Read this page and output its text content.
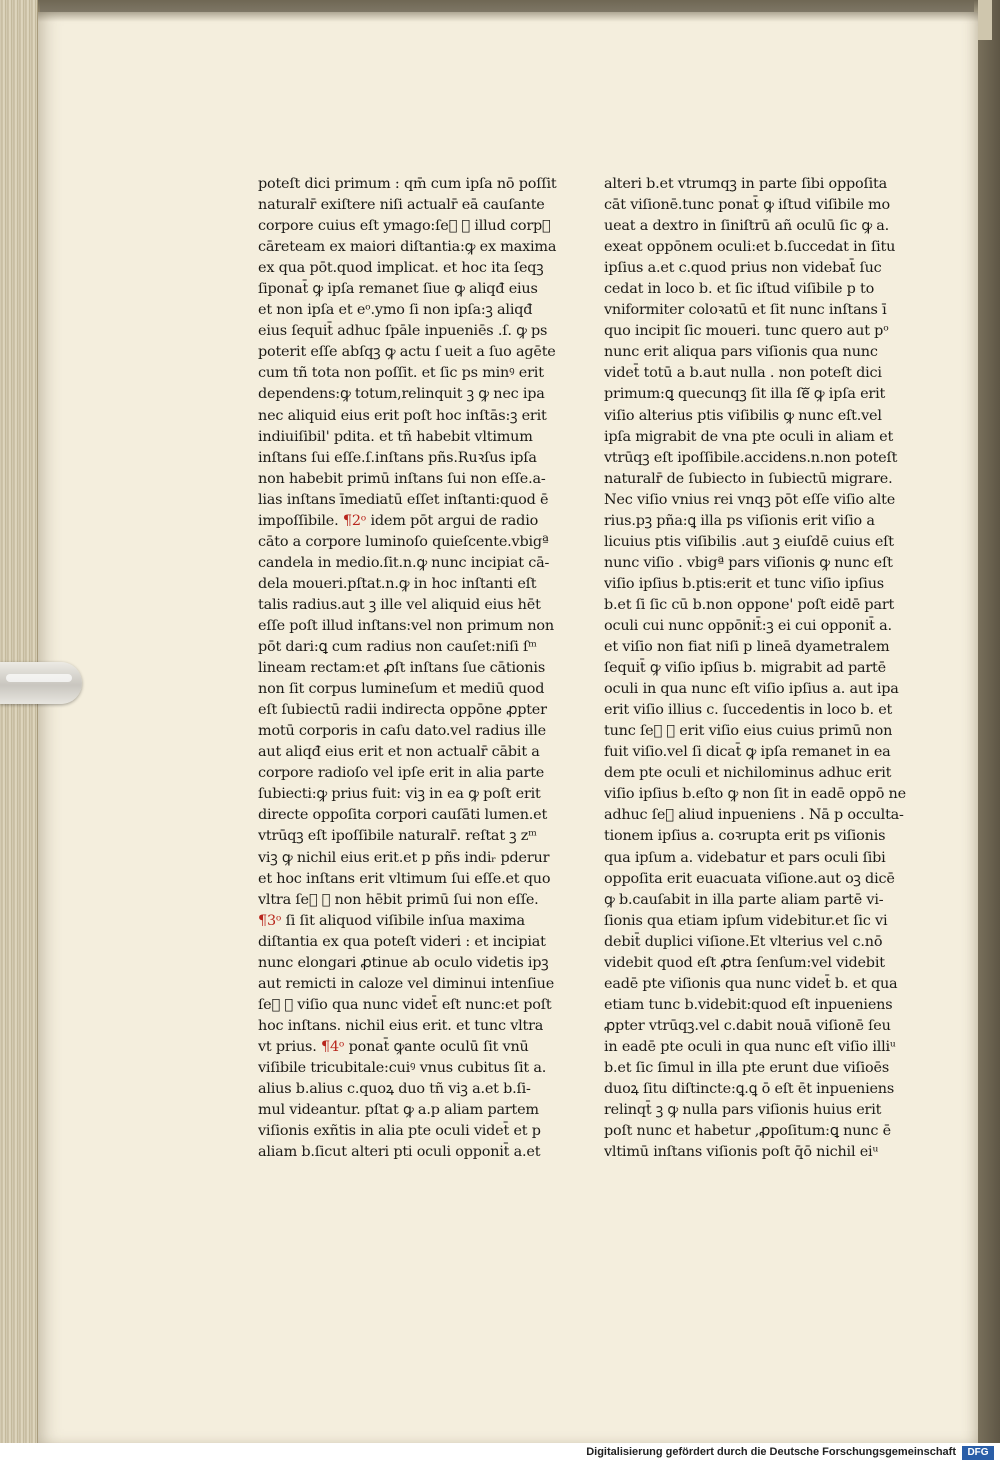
poteſt dici primum : qm̄ cum ipſa nō poſſit
naturalr̄ exiſtere niſi actualr̄ eā cauſante
corpore cuius eſt ymago:ſeᷓ ꝙ illud corpꝰ
cāreteam ex maiori diſtantia:ꝙ ex maxima
ex qua pōt.quod implicat. et hoc ita ſeqꝫ
ſiponat̄ ꝙ ipſa remanet ſiue ꝙ aliqđ eius
et non ipſa et eᵒ.ymo ſi non ipſa:ꝫ aliqđ
eius ſequit̄ adhuc ſpāle inpueniēs .ſ. ꝙ ps
poterit eſſe abſqꝫ ꝙ actu ſ ueit a ſuo agēte
cum tñ tota non poſſit. et ſic ps minꝰ erit
dependens:ꝙ totum,relinquit ꝫ ꝙ nec ipa
nec aliquid eius erit poſt hoc inſtās:ꝫ erit
indiuiſibil' pdita. et tñ habebit vltimum
inſtans ſui eſſe.ſ.inſtans pñs.Ruꝛſus ipſa
non habebit primū inſtans ſui non eſſe.a-
lias inſtans īmediatū eſſet inſtanti:quod ē
impoſſibile. ¶2ᵒ idem pōt argui de radio
cāto a corpore luminoſo quieſcente.vbigª
candela in medio.ſit.n.ꝙ nunc incipiat cā-
dela moueri.pſtat.n.ꝙ in hoc inſtanti eſt
talis radius.aut ꝫ ille vel aliquid eius hēt
eſſe poſt illud inſtans:vel non primum non
pōt dari:ꝗ cum radius non cauſet:niſi ſᵐ
lineam rectam:et ꝓſt inſtans ſue cātionis
non ſit corpus lumineſum et mediū quod
eſt ſubiectū radii indirecta oppōne ꝓpter
motū corporis in caſu dato.vel radius ille
aut aliqđ eius erit et non actualr̄ cābit a
corpore radioſo vel ipſe erit in alia parte
ſubiecti:ꝙ prius fuit: viꝫ in ea ꝙ poſt erit
directe oppoſita corpori cauſāti lumen.et
vtrūqꝫ eſt ipoſſibile naturalr̄. reſtat ꝫ zᵐ
viꝫ ꝙ nichil eius erit.et p pñs indiᵣ pderur
et hoc inſtans erit vltimum ſui eſſe.et quo
vltra ſeᷓ ꝙ non hēbit primū ſui non eſſe.
¶3ᵒ ſi ſit aliquod viſibile inſua maxima
diſtantia ex qua poteſt videri : et incipiat
nunc elongari ꝓtinue ab oculo videtis ipꝫ
aut remicti in caloze vel diminui intenſiue
ſeᷓ ꝙ viſio qua nunc videt̄ eſt nunc:et poſt
hoc inſtans. nichil eius erit. et tunc vltra
vt prius. ¶4ᵒ ponat̄ ꝙante oculū ſit vnū
viſibile tricubitale:cuiꝰ vnus cubitus ſit a.
alius b.alius c.quoꝝ duo tñ viꝫ a.et b.ſi-
mul videantur. pſtat ꝙ a.p aliam partem
viſionis exñtis in alia pte oculi videt̄ et p
aliam b.ſicut alteri pti oculi opponit̄ a.et
alteri b.et vtrumqꝫ in parte ſibi oppoſita
cāt viſionē.tunc ponat̄ ꝙ iſtud viſibile mo
ueat a dextro in ſiniſtrū añ oculū ſic ꝙ a.
exeat oppōnem oculi:et b.ſuccedat in ſitu
ipſius a.et c.quod prius non videbat̄ ſuc
cedat in loco b. et ſic iſtud viſibile p to
vniformiter coloꝛatū et ſit nunc inſtans ī
quo incipit ſic moueri. tunc quero aut pᵒ
nunc erit aliqua pars viſionis qua nunc
videt̄ totū a b.aut nulla . non poteſt dici
primum:ꝗ quecunqꝫ ſit illa ſeᷓ ꝙ ipſa erit
viſio alterius ptis viſibilis ꝙ nunc eſt.vel
ipſa migrabit de vna pte oculi in aliam et
vtrūqꝫ eſt ipoſſibile.accidens.n.non poteſt
naturalr̄ de ſubiecto in ſubiectū migrare.
Nec viſio vnius rei vnqꝫ pōt eſſe viſio alte
rius.pꝫ pña:ꝗ illa ps viſionis erit viſio a
licuius ptis viſibilis .aut ꝫ eiuſdē cuius eſt
nunc viſio . vbigª pars viſionis ꝙ nunc eſt
viſio ipſius b.ptis:erit et tunc viſio ipſius
b.et ſi ſic cū b.non oppone' poſt eidē part
oculi cui nunc oppōnit̄:ꝫ ei cui opponit̄ a.
et viſio non fiat niſi p lineā dyametralem
ſequit̄ ꝙ viſio ipſius b. migrabit ad partē
oculi in qua nunc eſt viſio ipſius a. aut ipa
erit viſio illius c. ſuccedentis in loco b. et
tunc ſeᷓ ꝙ erit viſio eius cuius primū non
fuit viſio.vel ſi dicat̄ ꝙ ipſa remanet in ea
dem pte oculi et nichilominus adhuc erit
viſio ipſius b.eſto ꝙ non ſit in eadē oppō ne
adhuc ſeᷓ aliud inpueniens . Nā p occulta-
tionem ipſius a. coꝛrupta erit ps viſionis
qua ipſum a. videbatur et pars oculi ſibi
oppoſita erit euacuata viſione.aut oꝫ dicē
ꝙ b.cauſabit in illa parte aliam partē vi-
ſionis qua etiam ipſum videbitur.et ſic vi
debit̄ duplici viſione.Et vlterius vel c.nō
videbit quod eſt ꝓtra ſenſum:vel videbit
eadē pte viſionis qua nunc videt̄ b. et qua
etiam tunc b.videbit:quod eſt inpueniens
ꝓpter vtrūqꝫ.vel c.dabit nouā viſionē ſeu
in eadē pte oculi in qua nunc eſt viſio illiᵘ
b.et ſic ſimul in illa pte erunt due viſioēs
duoꝝ ſitu diſtincte:ꝗ.ꝗ ō eſt ēt inpueniens
relinqt̄ ꝫ ꝙ nulla pars viſionis huius erit
poſt nunc et habetur ,ꝓpoſitum:ꝗ nunc ē
vltimū inſtans viſionis poſt q̄ō nichil eiᵘ
Digitalisierung gefördert durch die Deutsche Forschungsgemeinschaft	DFG
